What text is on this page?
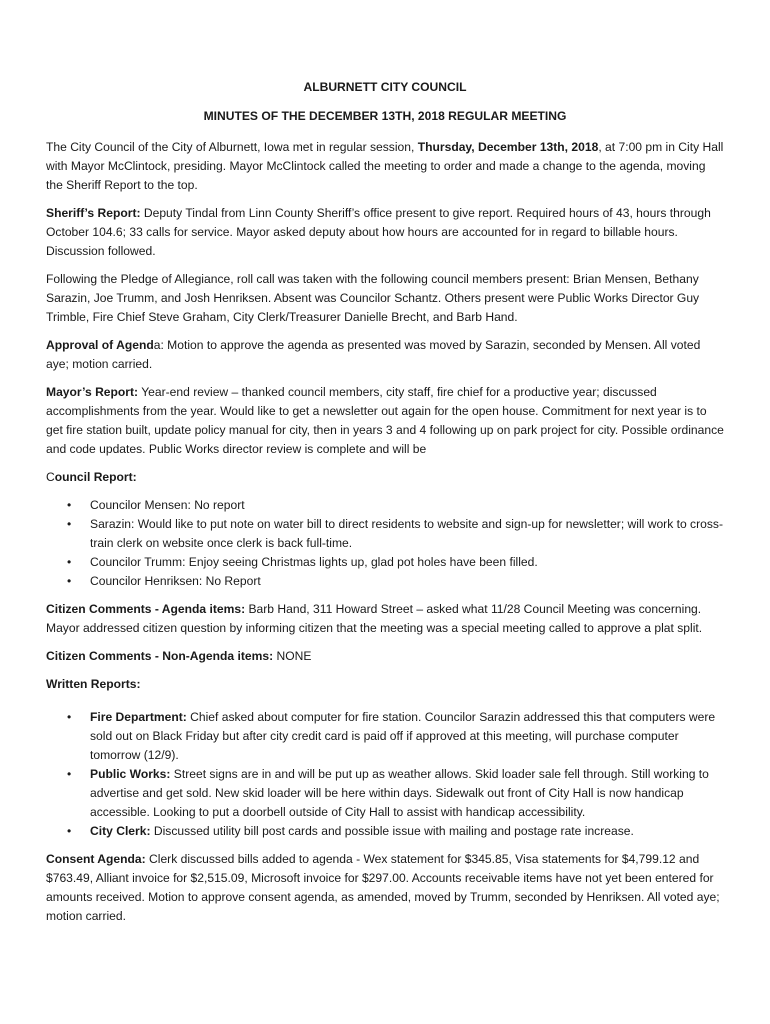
ALBURNETT CITY COUNCIL
MINUTES OF THE DECEMBER 13TH, 2018 REGULAR MEETING

The City Council of the City of Alburnett, Iowa met in regular session, Thursday, December 13th, 2018, at 7:00 pm in City Hall with Mayor McClintock, presiding. Mayor McClintock called the meeting to order and made a change to the agenda, moving the Sheriff Report to the top.

Sheriff’s Report: Deputy Tindal from Linn County Sheriff’s office present to give report. Required hours of 43, hours through October 104.6; 33 calls for service. Mayor asked deputy about how hours are accounted for in regard to billable hours. Discussion followed.

Following the Pledge of Allegiance, roll call was taken with the following council members present: Brian Mensen, Bethany Sarazin, Joe Trumm, and Josh Henriksen. Absent was Councilor Schantz. Others present were Public Works Director Guy Trimble, Fire Chief Steve Graham, City Clerk/Treasurer Danielle Brecht, and Barb Hand.

Approval of Agenda: Motion to approve the agenda as presented was moved by Sarazin, seconded by Mensen. All voted aye; motion carried.

Mayor’s Report: Year-end review – thanked council members, city staff, fire chief for a productive year; discussed accomplishments from the year. Would like to get a newsletter out again for the open house. Commitment for next year is to get fire station built, update policy manual for city, then in years 3 and 4 following up on park project for city. Possible ordinance and code updates. Public Works director review is complete and will be

Council Report:

• Councilor Mensen: No report
• Sarazin: Would like to put note on water bill to direct residents to website and sign-up for newsletter; will work to cross-train clerk on website once clerk is back full-time.
• Councilor Trumm: Enjoy seeing Christmas lights up, glad pot holes have been filled.
• Councilor Henriksen: No Report

Citizen Comments - Agenda items: Barb Hand, 311 Howard Street – asked what 11/28 Council Meeting was concerning. Mayor addressed citizen question by informing citizen that the meeting was a special meeting called to approve a plat split.

Citizen Comments - Non-Agenda items: NONE

Written Reports:

• Fire Department: Chief asked about computer for fire station. Councilor Sarazin addressed this that computers were sold out on Black Friday but after city credit card is paid off if approved at this meeting, will purchase computer tomorrow (12/9).
• Public Works: Street signs are in and will be put up as weather allows. Skid loader sale fell through. Still working to advertise and get sold. New skid loader will be here within days. Sidewalk out front of City Hall is now handicap accessible. Looking to put a doorbell outside of City Hall to assist with handicap accessibility.
• City Clerk: Discussed utility bill post cards and possible issue with mailing and postage rate increase.

Consent Agenda: Clerk discussed bills added to agenda - Wex statement for $345.85, Visa statements for $4,799.12 and $763.49, Alliant invoice for $2,515.09, Microsoft invoice for $297.00. Accounts receivable items have not yet been entered for amounts received. Motion to approve consent agenda, as amended, moved by Trumm, seconded by Henriksen. All voted aye; motion carried.
